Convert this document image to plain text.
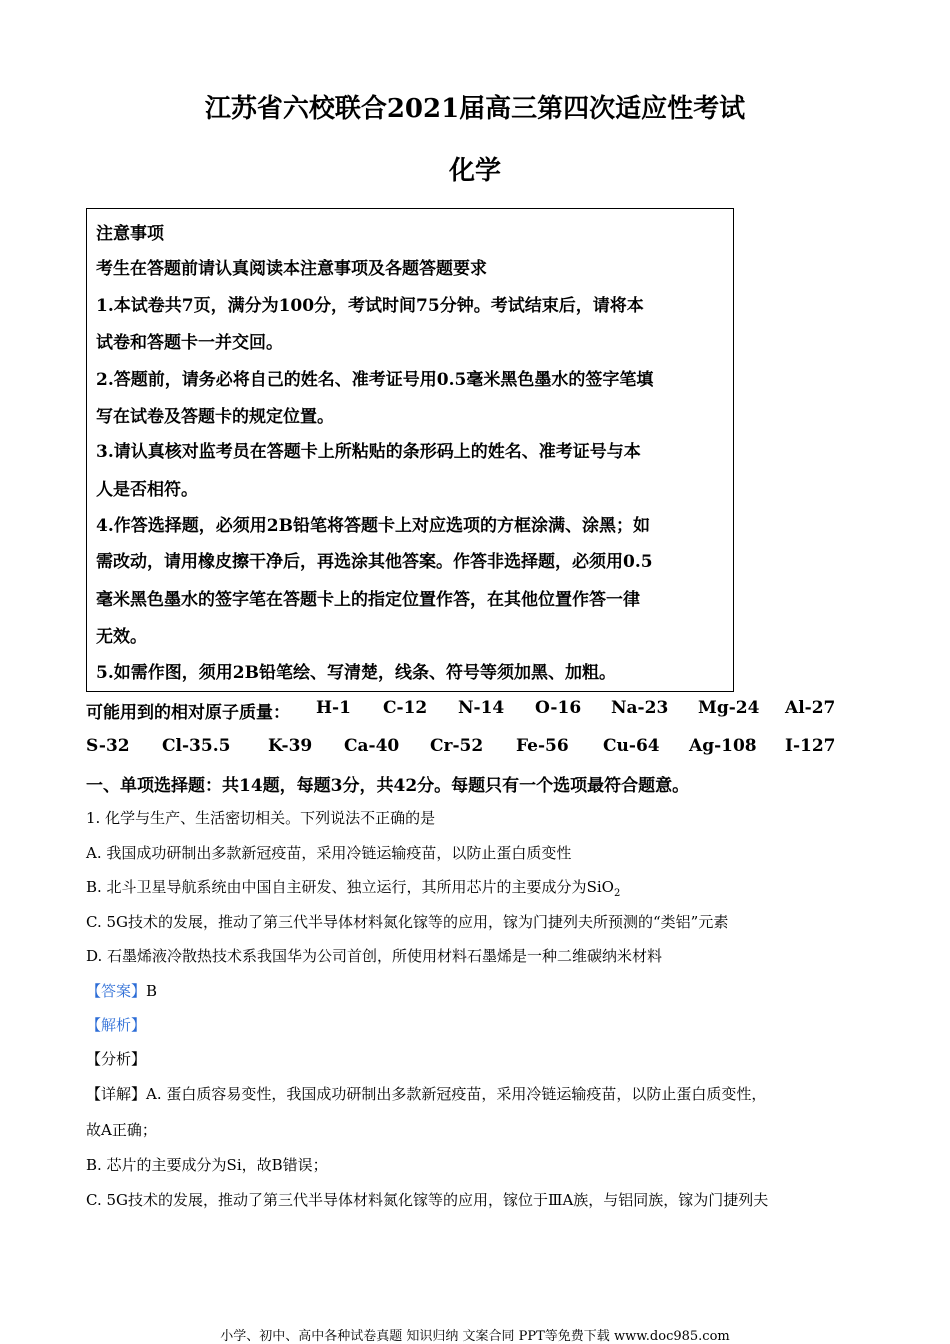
江苏省六校联合2021届高三第四次适应性考试
化学
注意事项
考生在答题前请认真阅读本注意事项及各题答题要求
1.本试卷共7页，满分为100分，考试时间75分钟。考试结束后，请将本
试卷和答题卡一并交回。
2.答题前，请务必将自己的姓名、准考证号用0.5毫米黑色墨水的签字笔填
写在试卷及答题卡的规定位置。
3.请认真核对监考员在答题卡上所粘贴的条形码上的姓名、准考证号与本
人是否相符。
4.作答选择题，必须用2B铅笔将答题卡上对应选项的方框涂满、涂黑；如
需改动，请用橡皮擦干净后，再选涂其他答案。作答非选择题，必须用0.5
毫米黑色墨水的签字笔在答题卡上的指定位置作答，在其他位置作答一律
无效。
5.如需作图，须用2B铅笔绘、写清楚，线条、符号等须加黑、加粗。
可能用到的相对原子质量： H-1 C-12 N-14 O-16 Na-23 Mg-24 Al-27
S-32 Cl-35.5 K-39 Ca-40 Cr-52 Fe-56 Cu-64 Ag-108 I-127
一、单项选择题：共14题，每题3分，共42分。每题只有一个选项最符合题意。
1. 化学与生产、生活密切相关。下列说法不正确的是
A. 我国成功研制出多款新冠疫苗，采用冷链运输疫苗，以防止蛋白质变性
B. 北斗卫星导航系统由中国自主研发、独立运行，其所用芯片的主要成分为SiO$_2$
C. 5G技术的发展，推动了第三代半导体材料氮化镓等的应用，镓为门捷列夫所预测的“类铝”元素
D. 石墨烯液冷散热技术系我国华为公司首创，所使用材料石墨烯是一种二维碳纳米材料
【答案】B
【解析】
【分析】
【详解】A. 蛋白质容易变性，我国成功研制出多款新冠疫苗，采用冷链运输疫苗，以防止蛋白质变性，
故A正确；
B. 芯片的主要成分为Si，故B错误；
C. 5G技术的发展，推动了第三代半导体材料氮化镓等的应用，镓位于ⅢA族，与铝同族，镓为门捷列夫
小学、初中、高中各种试卷真题 知识归纳 文案合同 PPT等免费下载 www.doc985.com
